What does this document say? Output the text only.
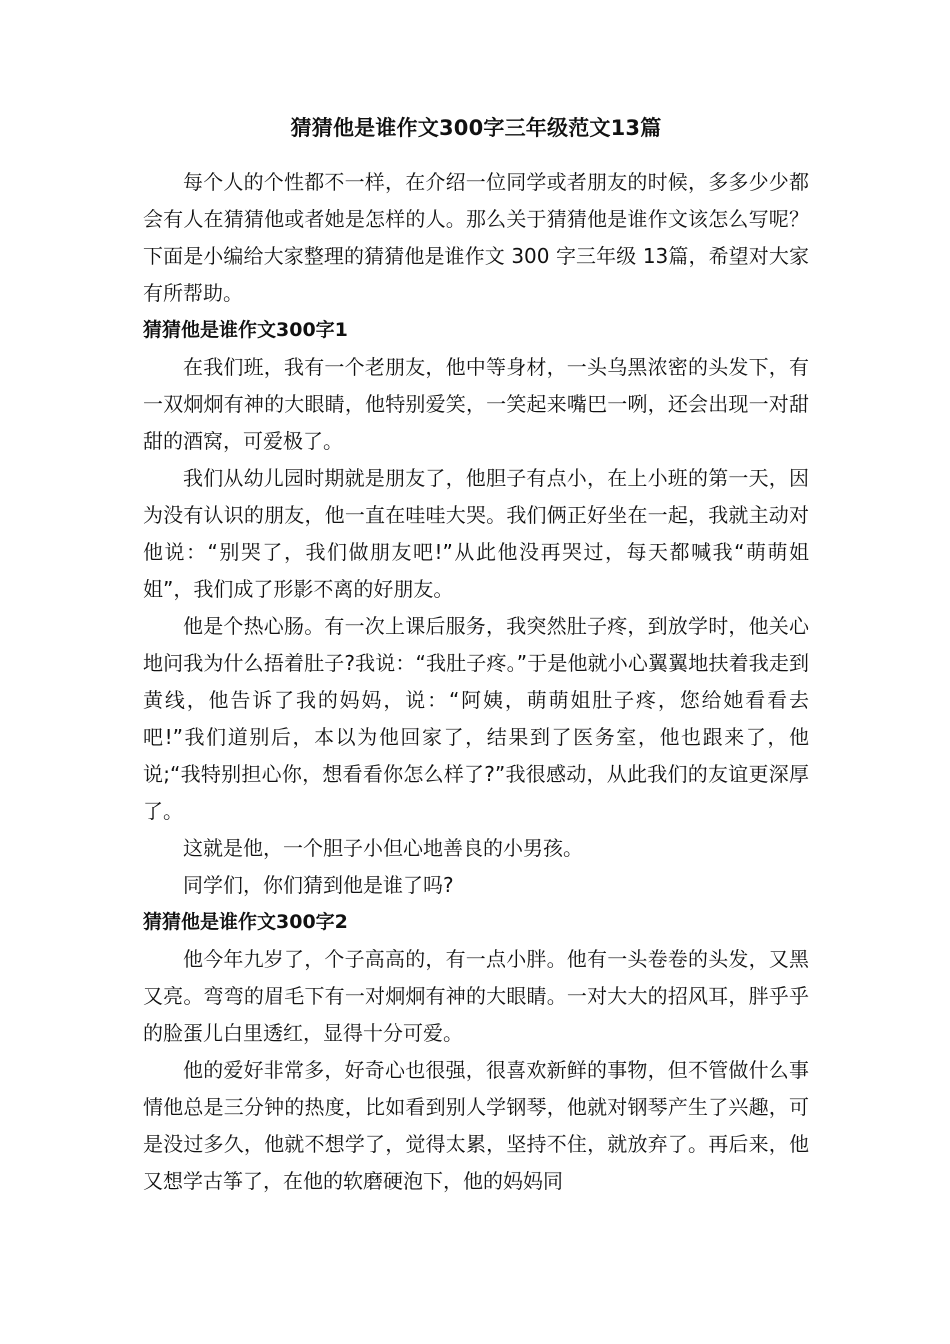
猜猜他是谁作文300字三年级范文13篇

每个人的个性都不一样，在介绍一位同学或者朋友的时候，多多少少都会有人在猜猜他或者她是怎样的人。那么关于猜猜他是谁作文该怎么写呢？下面是小编给大家整理的猜猜他是谁作文 300 字三年级 13篇，希望对大家有所帮助。

猜猜他是谁作文300字1

在我们班，我有一个老朋友，他中等身材，一头乌黑浓密的头发下，有一双炯炯有神的大眼睛，他特别爱笑，一笑起来嘴巴一咧，还会出现一对甜甜的酒窝，可爱极了。

我们从幼儿园时期就是朋友了，他胆子有点小，在上小班的第一天，因为没有认识的朋友，他一直在哇哇大哭。我们俩正好坐在一起，我就主动对他说：“别哭了，我们做朋友吧!”从此他没再哭过，每天都喊我“萌萌姐姐”，我们成了形影不离的好朋友。

他是个热心肠。有一次上课后服务，我突然肚子疼，到放学时，他关心地问我为什么捂着肚子?我说：“我肚子疼。”于是他就小心翼翼地扶着我走到黄线，他告诉了我的妈妈，说：“阿姨，萌萌姐肚子疼，您给她看看去吧!”我们道别后，本以为他回家了，结果到了医务室，他也跟来了，他说;“我特别担心你，想看看你怎么样了?”我很感动，从此我们的友谊更深厚了。

这就是他，一个胆子小但心地善良的小男孩。

同学们，你们猜到他是谁了吗?

猜猜他是谁作文300字2

他今年九岁了，个子高高的，有一点小胖。他有一头卷卷的头发，又黑又亮。弯弯的眉毛下有一对炯炯有神的大眼睛。一对大大的招风耳，胖乎乎的脸蛋儿白里透红，显得十分可爱。

他的爱好非常多，好奇心也很强，很喜欢新鲜的事物，但不管做什么事情他总是三分钟的热度，比如看到别人学钢琴，他就对钢琴产生了兴趣，可是没过多久，他就不想学了，觉得太累，坚持不住，就放弃了。再后来，他又想学古筝了，在他的软磨硬泡下，他的妈妈同
